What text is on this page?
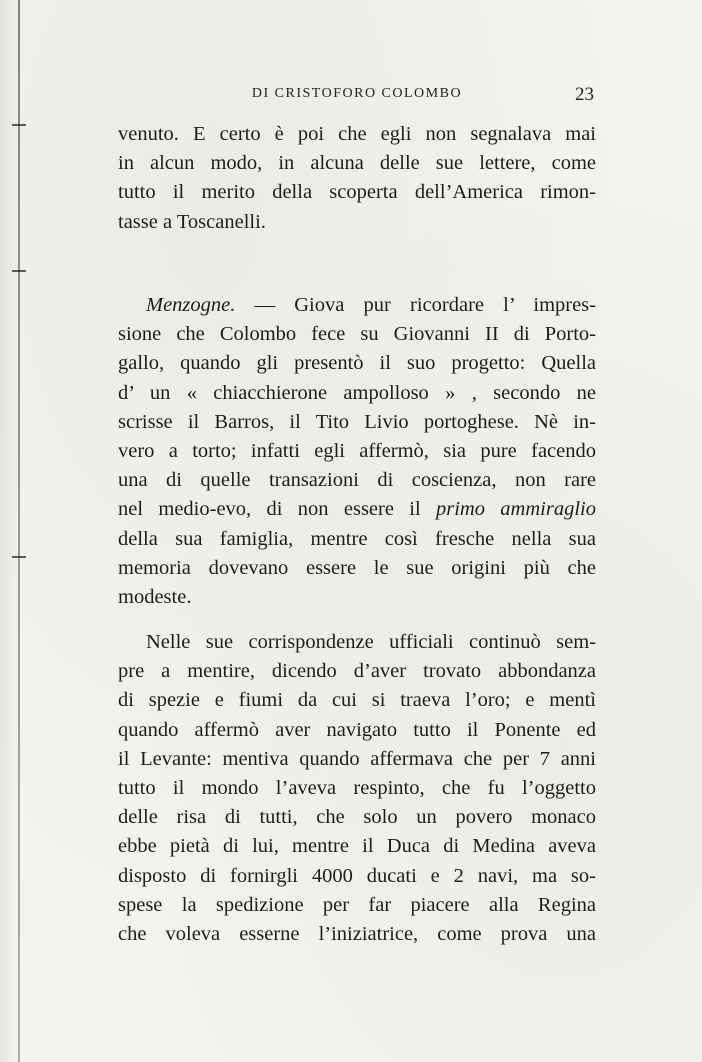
DI CRISTOFORO COLOMBO	23
venuto. E certo è poi che egli non segnalava mai
in alcun modo, in alcuna delle sue lettere, come
tutto il merito della scoperta dell’America rimon-
tasse a Toscanelli.
Menzogne. — Giova pur ricordare l’ impres-
sione che Colombo fece su Giovanni II di Porto-
gallo, quando gli presentò il suo progetto: Quella
d’ un « chiacchierone ampolloso » , secondo ne
scrisse il Barros, il Tito Livio portoghese. Nè in-
vero a torto; infatti egli affermò, sia pure facendo
una di quelle transazioni di coscienza, non rare
nel medio-evo, di non essere il primo ammiraglio
della sua famiglia, mentre così fresche nella sua
memoria dovevano essere le sue origini più che
modeste.
Nelle sue corrispondenze ufficiali continuò sem-
pre a mentire, dicendo d’aver trovato abbondanza
di spezie e fiumi da cui si traeva l’oro; e mentì
quando affermò aver navigato tutto il Ponente ed
il Levante: mentiva quando affermava che per 7 anni
tutto il mondo l’aveva respinto, che fu l’oggetto
delle risa di tutti, che solo un povero monaco
ebbe pietà di lui, mentre il Duca di Medina aveva
disposto di fornirgli 4000 ducati e 2 navi, ma so-
spese la spedizione per far piacere alla Regina
che voleva esserne l’iniziatrice, come prova una
